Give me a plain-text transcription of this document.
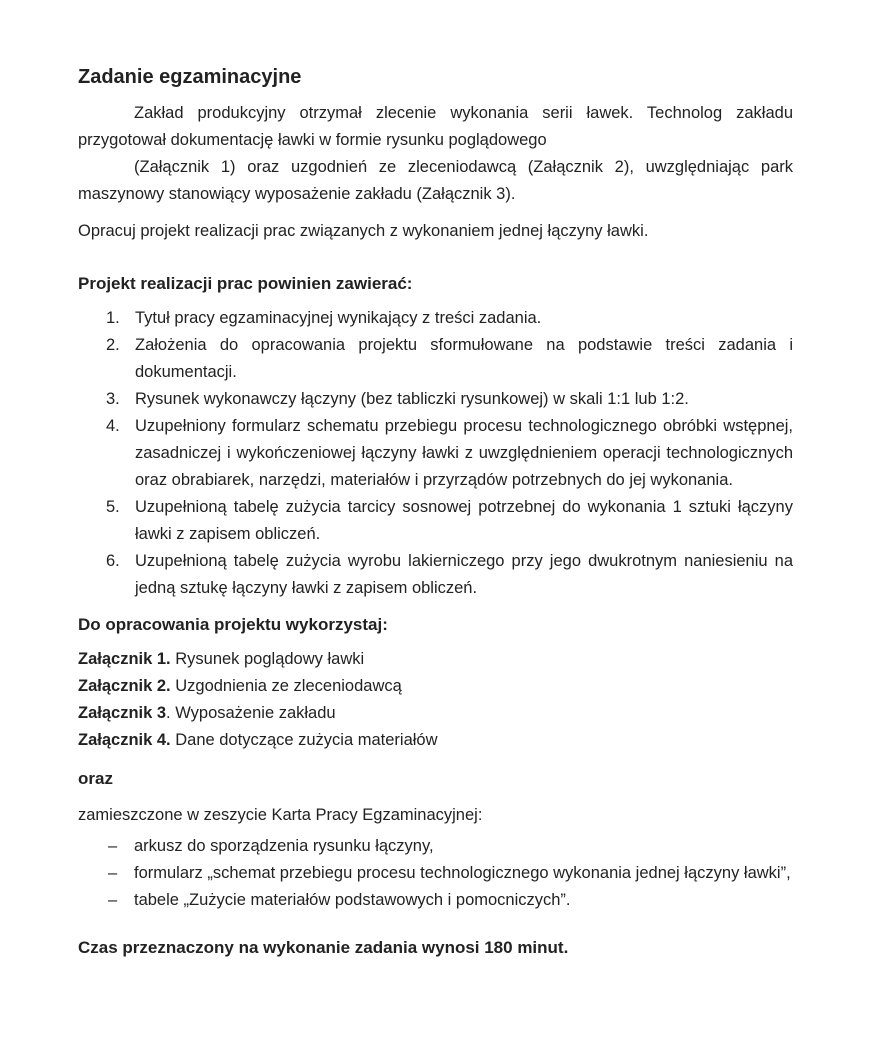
Zadanie egzaminacyjne

Zakład produkcyjny otrzymał zlecenie wykonania serii ławek. Technolog zakładu przygotował dokumentację ławki w formie rysunku poglądowego
(Załącznik 1) oraz uzgodnień ze zleceniodawcą (Załącznik 2), uwzględniając park maszynowy stanowiący wyposażenie zakładu (Załącznik 3).

Opracuj projekt realizacji prac związanych z wykonaniem jednej łączyny ławki.

Projekt realizacji prac powinien zawierać:
1. Tytuł pracy egzaminacyjnej wynikający z treści zadania.
2. Założenia do opracowania projektu sformułowane na podstawie treści zadania i dokumentacji.
3. Rysunek wykonawczy łączyny (bez tabliczki rysunkowej) w skali 1:1 lub 1:2.
4. Uzupełniony formularz schematu przebiegu procesu technologicznego obróbki wstępnej, zasadniczej i wykończeniowej łączyny ławki z uwzględnieniem operacji technologicznych oraz obrabiarek, narzędzi, materiałów i przyrządów potrzebnych do jej wykonania.
5. Uzupełnioną tabelę zużycia tarcicy sosnowej potrzebnej do wykonania 1 sztuki łączyny ławki z zapisem obliczeń.
6. Uzupełnioną tabelę zużycia wyrobu lakierniczego przy jego dwukrotnym naniesieniu na jedną sztukę łączyny ławki z zapisem obliczeń.
Do opracowania projektu wykorzystaj:
Załącznik 1. Rysunek poglądowy ławki
Załącznik 2. Uzgodnienia ze zleceniodawcą
Załącznik 3. Wyposażenie zakładu
Załącznik 4. Dane dotyczące zużycia materiałów
oraz

zamieszczone w zeszycie Karta Pracy Egzaminacyjnej:

– arkusz do sporządzenia rysunku łączyny,
– formularz „schemat przebiegu procesu technologicznego wykonania jednej łączyny ławki”,
– tabele „Zużycie materiałów podstawowych i pomocniczych”.
Czas przeznaczony na wykonanie zadania wynosi 180 minut.
